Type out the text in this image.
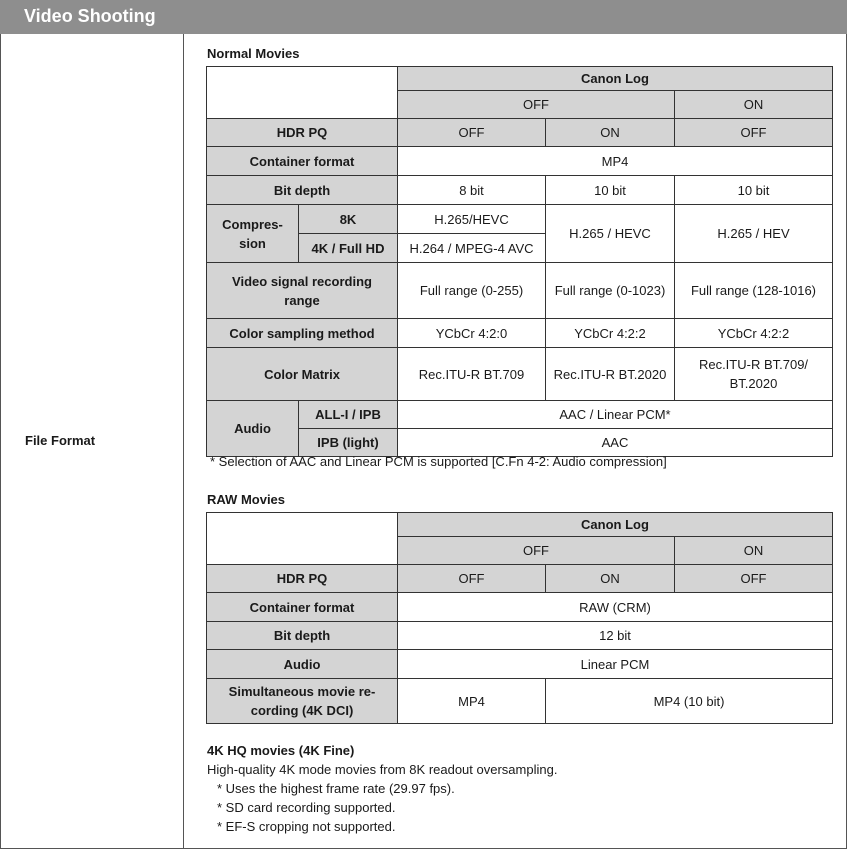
Video Shooting
File Format
Normal Movies
		Canon Log		
		OFF		ON
HDR PQ		OFF	ON	OFF
Container format		MP4		
Bit depth		8 bit	10 bit	10 bit
Compres-
sion	8K	H.265/HEVC	H.265 / HEVC	H.265 / HEV
	4K / Full HD	H.264 / MPEG-4 AVC		
Video signal recording range		Full range (0-255)	Full range (0-1023)	Full range (128-1016)
Color sampling method		YCbCr 4:2:0	YCbCr 4:2:2	YCbCr 4:2:2
Color Matrix		Rec.ITU-R BT.709	Rec.ITU-R BT.2020	Rec.ITU-R BT.709/
BT.2020
Audio	ALL-I / IPB	AAC / Linear PCM*		
	IPB (light)	AAC		
* Selection of AAC and Linear PCM is supported [C.Fn 4-2: Audio compression]
RAW Movies
	Canon Log		
	OFF		ON
HDR PQ	OFF	ON	OFF
Container format	RAW (CRM)		
Bit depth	12 bit		
Audio	Linear PCM		
Simultaneous movie re-
cording (4K DCI)	MP4	MP4 (10 bit)	
4K HQ movies (4K Fine)
High-quality 4K mode movies from 8K readout oversampling.
* Uses the highest frame rate (29.97 fps).
* SD card recording supported.
* EF-S cropping not supported.
